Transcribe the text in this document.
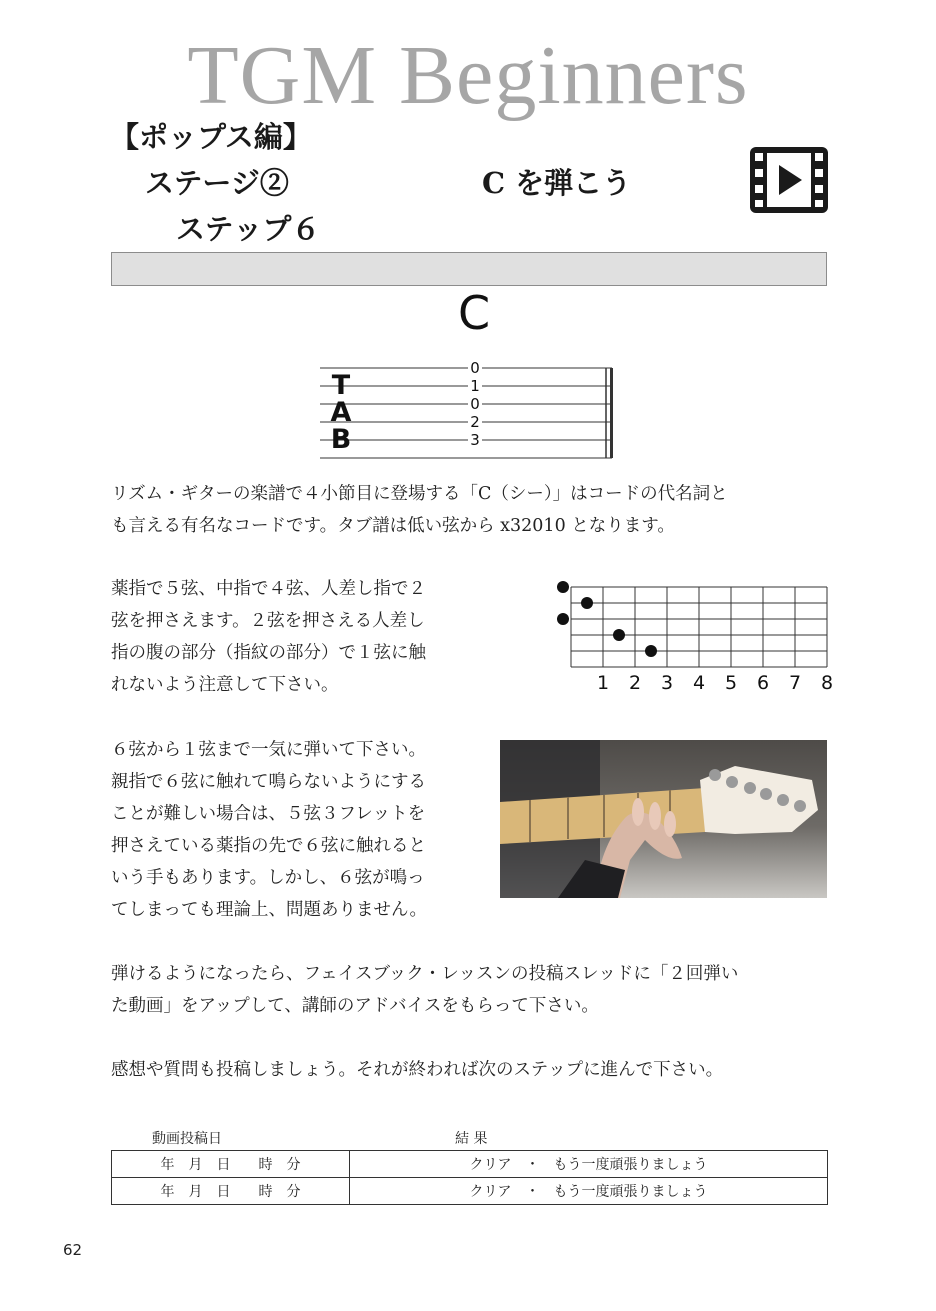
TGM Beginners
【ポップス編】
ステージ②
ステップ６
C を弾こう
C
T
A
B
0
1
0
2
3
リズム・ギターの楽譜で４小節目に登場する「C（シー）」はコードの代名詞と
も言える有名なコードです。タブ譜は低い弦から x32010 となります。
薬指で５弦、中指で４弦、人差し指で２
弦を押さえます。２弦を押さえる人差し
指の腹の部分（指紋の部分）で１弦に触
れないよう注意して下さい。	1 2 3 4 5 6 7 8
６弦から１弦まで一気に弾いて下さい。
親指で６弦に触れて鳴らないようにする
ことが難しい場合は、５弦３フレットを
押さえている薬指の先で６弦に触れると
いう手もあります。しかし、６弦が鳴っ
てしまっても理論上、問題ありません。
弾けるようになったら、フェイスブック・レッスンの投稿スレッドに「２回弾い
た動画」をアップして、講師のアドバイスをもらって下さい。
感想や質問も投稿しましょう。それが終われば次のステップに進んで下さい。
動画投稿日	結 果
年　月　日　　時　分	クリア　・　もう一度頑張りましょう
年　月　日　　時　分	クリア　・　もう一度頑張りましょう
62
